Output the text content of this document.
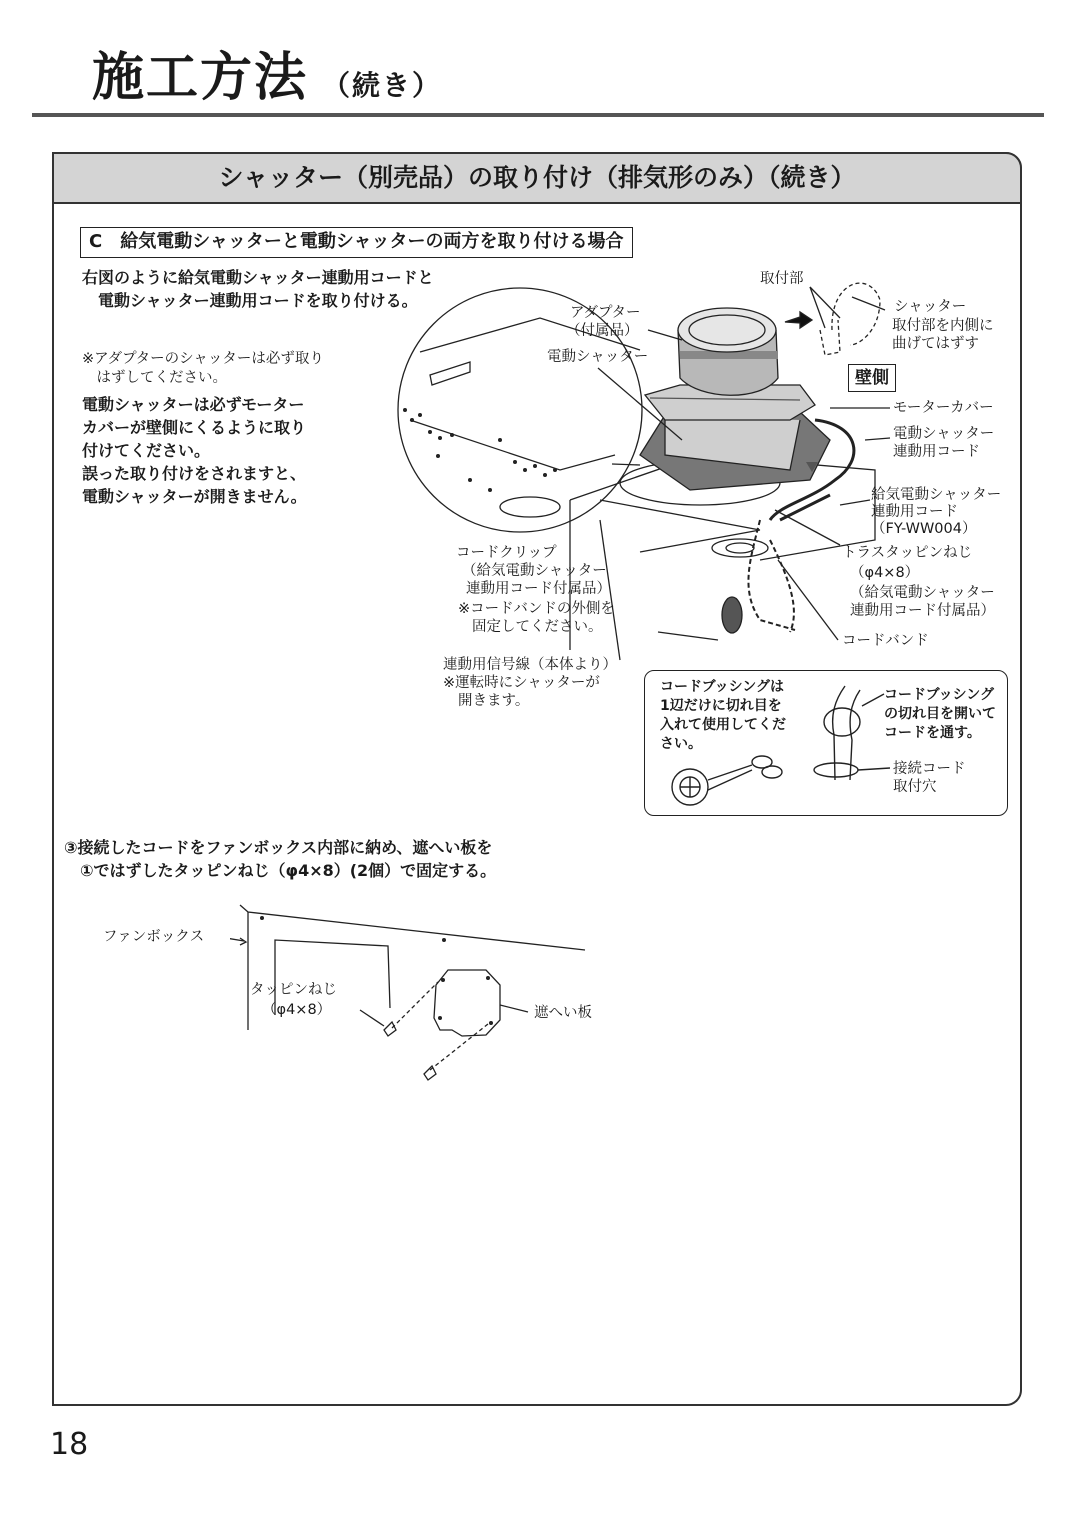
施工方法 （続き）
シャッター（別売品）の取り付け（排気形のみ）（続き）
C　給気電動シャッターと電動シャッターの両方を取り付ける場合
右図のように給気電動シャッター連動用コードと
　電動シャッター連動用コードを取り付ける。
※アダプターのシャッターは必ず取り
　はずしてください。
電動シャッターは必ずモーター
カバーが壁側にくるように取り
付けてください。
誤った取り付けをされますと、
電動シャッターが開きません。
取付部
シャッター
取付部を内側に
曲げてはずす
アダプター
（付属品）
電動シャッター
壁側
モーターカバー
電動シャッター
連動用コード
給気電動シャッター
連動用コード
（FY-WW004）
コードクリップ
（給気電動シャッター
連動用コード付属品）
※コードバンドの外側を
固定してください。
トラスタッピンねじ
（φ4×8）
（給気電動シャッター
連動用コード付属品）
コードバンド
連動用信号線（本体より）
※運転時にシャッターが
開きます。
コードブッシングは
1辺だけに切れ目を
入れて使用してくだ
さい。
コードブッシング
の切れ目を開いて
コードを通す。
接続コード
取付穴
③接続したコードをファンボックス内部に納め、遮へい板を
　①ではずしたタッピンねじ（φ4×8）(2個）で固定する。
ファンボックス
タッピンねじ
（φ4×8）	遮へい板
18
